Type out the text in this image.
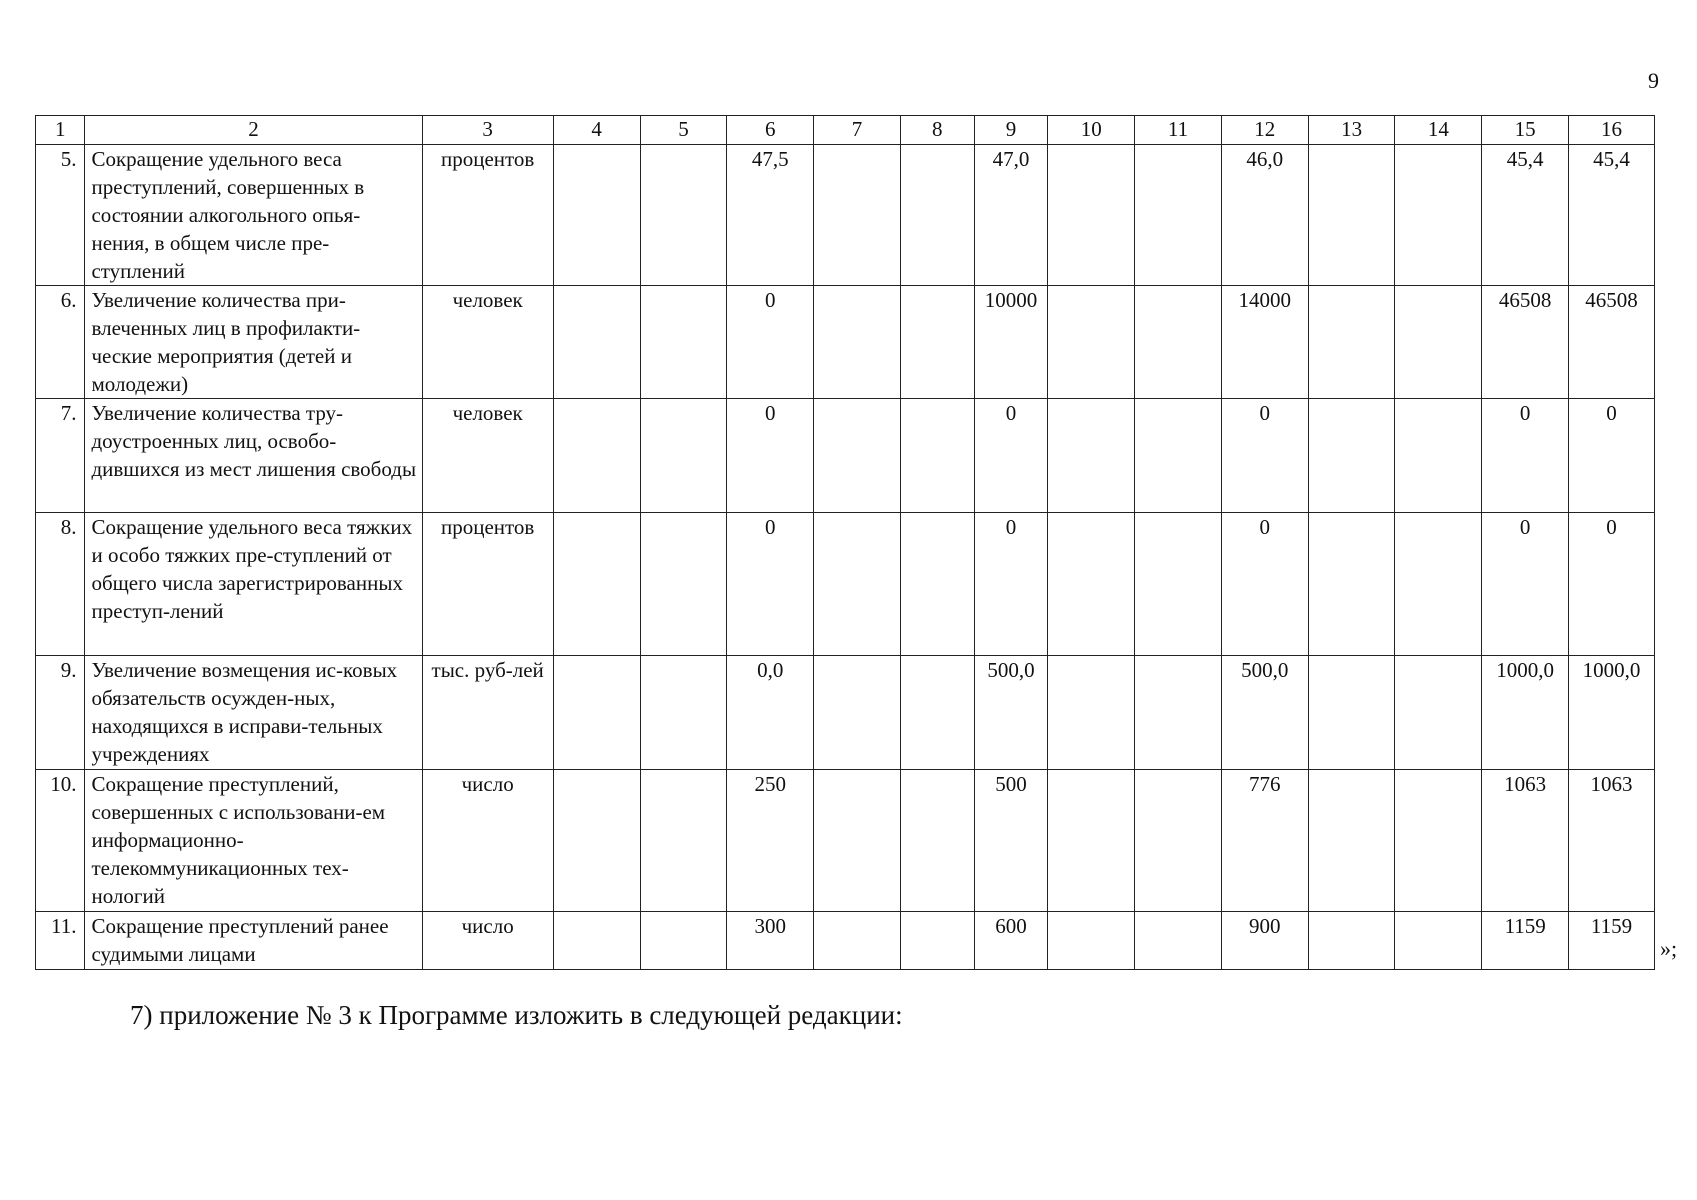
9
1	2	3	4	5	6	7	8	9	10	11	12	13	14	15	16
5.	Сокращение удельного веса преступлений, совершенных в состоянии алкогольного опья-нения, в общем числе пре-ступлений	процентов			47,5			47,0			46,0			45,4	45,4
6.	Увеличение количества при-влеченных лиц в профилакти-ческие мероприятия (детей и молодежи)	человек			0			10000			14000			46508	46508
7.	Увеличение количества тру-доустроенных лиц, освобо-дившихся из мест лишения свободы	человек			0			0			0			0	0
8.	Сокращение удельного веса тяжких и особо тяжких пре-ступлений от общего числа зарегистрированных преступ-лений	процентов			0			0			0			0	0
9.	Увеличение возмещения ис-ковых обязательств осужден-ных, находящихся в исправи-тельных учреждениях	тыс. руб-лей			0,0			500,0			500,0			1000,0	1000,0
10.	Сокращение преступлений, совершенных с использовани-ем информационно-телекоммуникационных тех-нологий	число			250			500			776			1063	1063
11.	Сокращение преступлений ранее судимыми лицами	число			300			600			900			1159	1159
»;
7) приложение № 3 к Программе изложить в следующей редакции:
